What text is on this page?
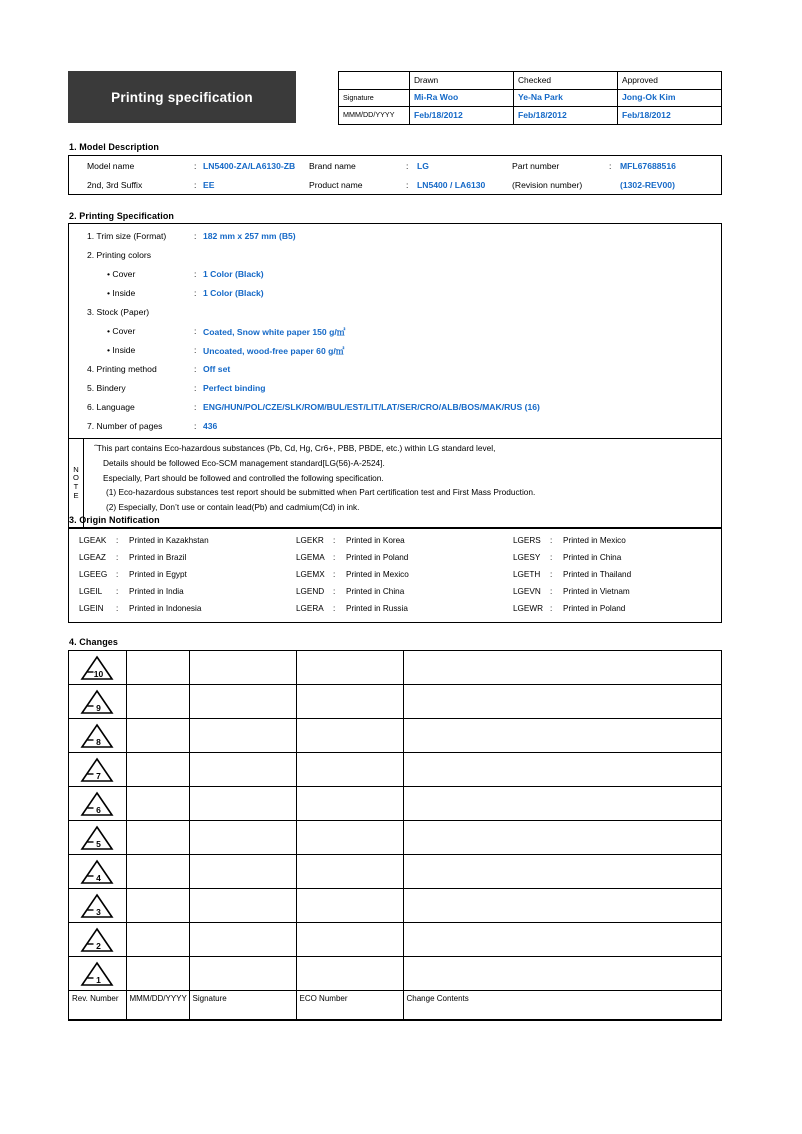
Printing specification
	Drawn	Checked	Approved
Signature	Mi-Ra Woo	Ye-Na Park	Jong-Ok Kim
MMM/DD/YYYY	Feb/18/2012	Feb/18/2012	Feb/18/2012
1. Model Description
Model name	: LN5400-ZA/LA6130-ZB Brand name	: LG	Part number	: MFL67688516
2nd, 3rd Suffix	: EE	Product name	: LN5400 / LA6130	(Revision number)	(1302-REV00)
2. Printing Specification
1. Trim size (Format)	: 182 mm x 257 mm (B5)
2. Printing colors
• Cover	: 1 Color (Black)
• Inside	: 1 Color (Black)
3. Stock (Paper)
• Cover	: Coated, Snow white paper 150 g/㎡
• Inside	: Uncoated, wood-free paper 60 g/㎡
4. Printing method	: Off set
5. Bindery	: Perfect binding
6. Language	: ENG/HUN/POL/CZE/SLK/ROM/BUL/EST/LIT/LAT/SER/CRO/ALB/BOS/MAK/RUS (16)
7. Number of pages	: 436
N
O
T
E
˝This part contains Eco-hazardous substances (Pb, Cd, Hg, Cr6+, PBB, PBDE, etc.) within LG standard level,
Details should be followed Eco-SCM management standard[LG(56)-A-2524].
Especially, Part should be followed and controlled the following specification.
(1) Eco-hazardous substances test report should be submitted when Part certification test and First Mass Production.
(2) Especially, Don’t use or contain lead(Pb) and cadmium(Cd) in ink.
3. Origin Notification
LGEAK : Printed in Kazakhstan	LGEKR : Printed in Korea	LGERS : Printed in Mexico
LGEAZ : Printed in Brazil	LGEMA : Printed in Poland	LGESY : Printed in China
LGEEG : Printed in Egypt	LGEMX : Printed in Mexico	LGETH : Printed in Thailand
LGEIL : Printed in India	LGEND : Printed in China	LGEVN : Printed in Vietnam
LGEIN : Printed in Indonesia	LGERA : Printed in Russia	LGEWR : Printed in Poland
4. Changes
10				

9				

8				

7				

6				

5				

4				

3				

2				

1				

Rev. Number	MMM/DD/YYYY	Signature	ECO Number	Change Contents
